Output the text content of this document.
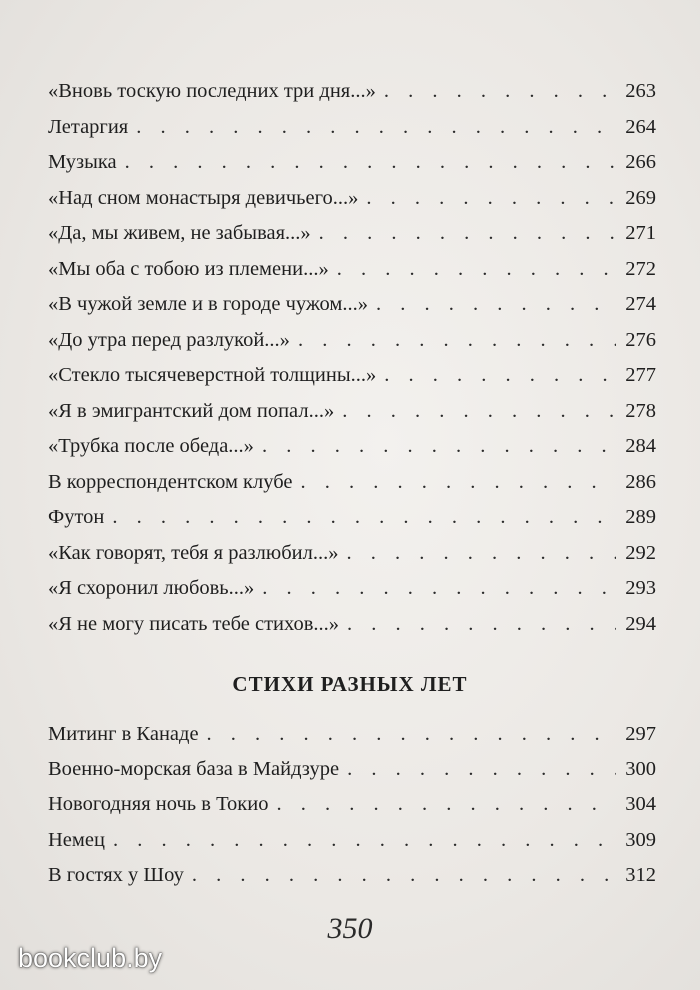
«Вновь тоскую последних три дня...» . . .	263
Летаргия . . .	264
Музыка . . .	266
«Над сном монастыря девичьего...» . . .	269
«Да, мы живем, не забывая...» . . .	271
«Мы оба с тобою из племени...» . . .	272
«В чужой земле и в городе чужом...» . . .	274
«До утра перед разлукой...» . . .	276
«Стекло тысячеверстной толщины...» . . .	277
«Я в эмигрантский дом попал...» . . .	278
«Трубка после обеда...» . . .	284
В корреспондентском клубе . . .	286
Футон . . .	289
«Как говорят, тебя я разлюбил...» . . .	292
«Я схоронил любовь...» . . .	293
«Я не могу писать тебе стихов...» . . .	294
СТИХИ РАЗНЫХ ЛЕТ
Митинг в Канаде . . .	297
Военно-морская база в Майдзуре . . .	300
Новогодняя ночь в Токио . . .	304
Немец . . .	309
В гостях у Шоу . . .	312
350
bookclub.by
